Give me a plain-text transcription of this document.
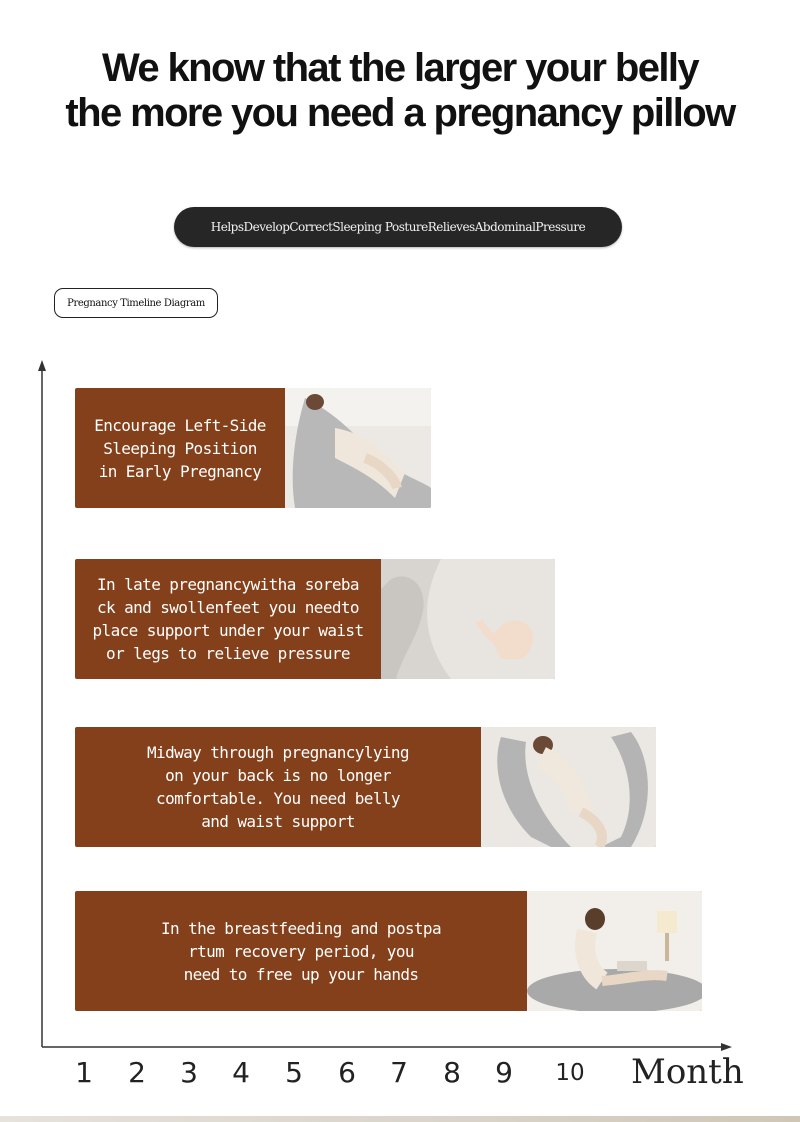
We know that the larger your belly
the more you need a pregnancy pillow
HelpsDevelopCorrectSleeping PostureRelievesAbdominalPressure
Pregnancy Timeline Diagram
Encourage Left-Side
Sleeping Position
in Early Pregnancy
In late pregnancywitha soreba
ck and swollenfeet you needto
place support under your waist
or legs to relieve pressure
Midway through pregnancylying
on your back is no longer
comfortable. You need belly
and waist support
In the breastfeeding and postpa
rtum recovery period, you
need to free up your hands
1 2 3 4 5 6 7 8 9 10 Month
